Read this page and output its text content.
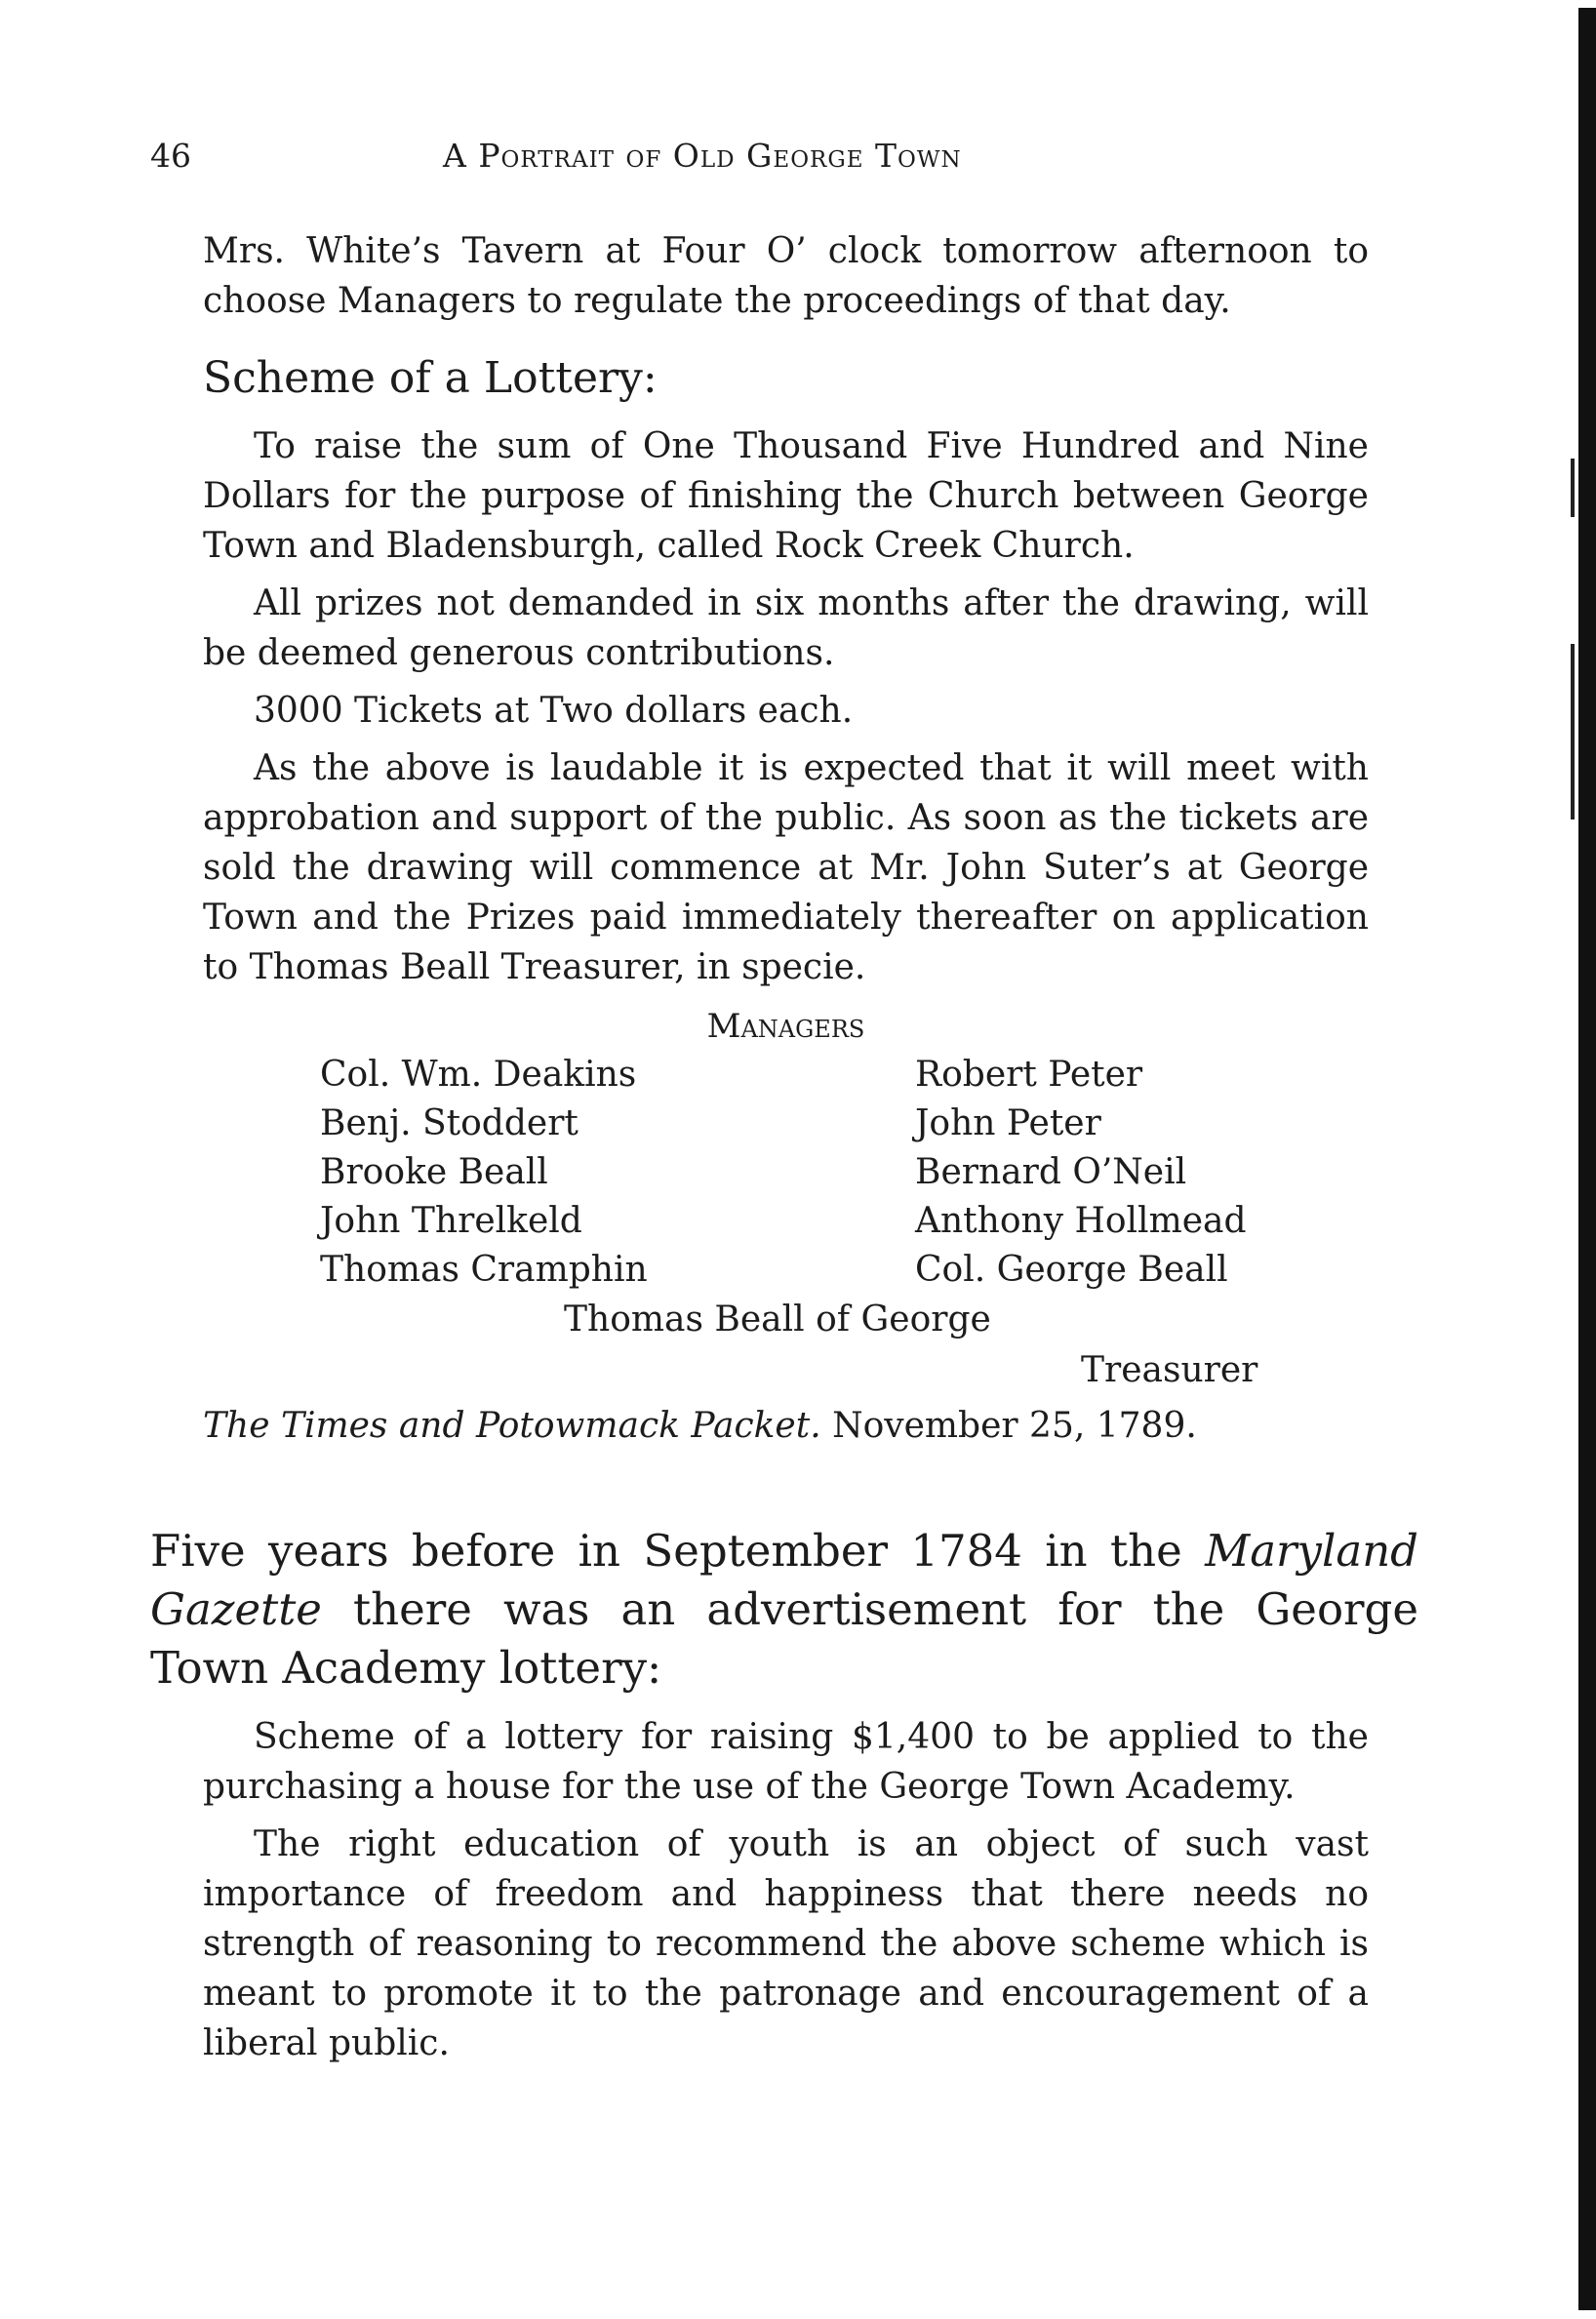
46	A Portrait of Old George Town

Mrs. White’s Tavern at Four O’ clock tomorrow afternoon to choose Managers to regulate the proceedings of that day.

Scheme of a Lottery:

To raise the sum of One Thousand Five Hundred and Nine Dollars for the purpose of finishing the Church between George Town and Bladensburgh, called Rock Creek Church.

All prizes not demanded in six months after the drawing, will be deemed generous contributions.

3000 Tickets at Two dollars each.

As the above is laudable it is expected that it will meet with approbation and support of the public. As soon as the tickets are sold the drawing will commence at Mr. John Suter’s at George Town and the Prizes paid immediately thereafter on application to Thomas Beall Treasurer, in specie.

Managers
Col. Wm. Deakins
Benj. Stoddert
Brooke Beall
John Threlkeld
Thomas Cramphin
Robert Peter
John Peter
Bernard O’Neil
Anthony Hollmead
Col. George Beall
Thomas Beall of George
Treasurer
The Times and Potowmack Packet. November 25, 1789.
Five years before in September 1784 in the Maryland Gazette there was an advertisement for the George Town Academy lottery:

Scheme of a lottery for raising $1,400 to be applied to the purchasing a house for the use of the George Town Academy.

The right education of youth is an object of such vast importance of freedom and happiness that there needs no strength of reasoning to recommend the above scheme which is meant to promote it to the patronage and encouragement of a liberal public.
